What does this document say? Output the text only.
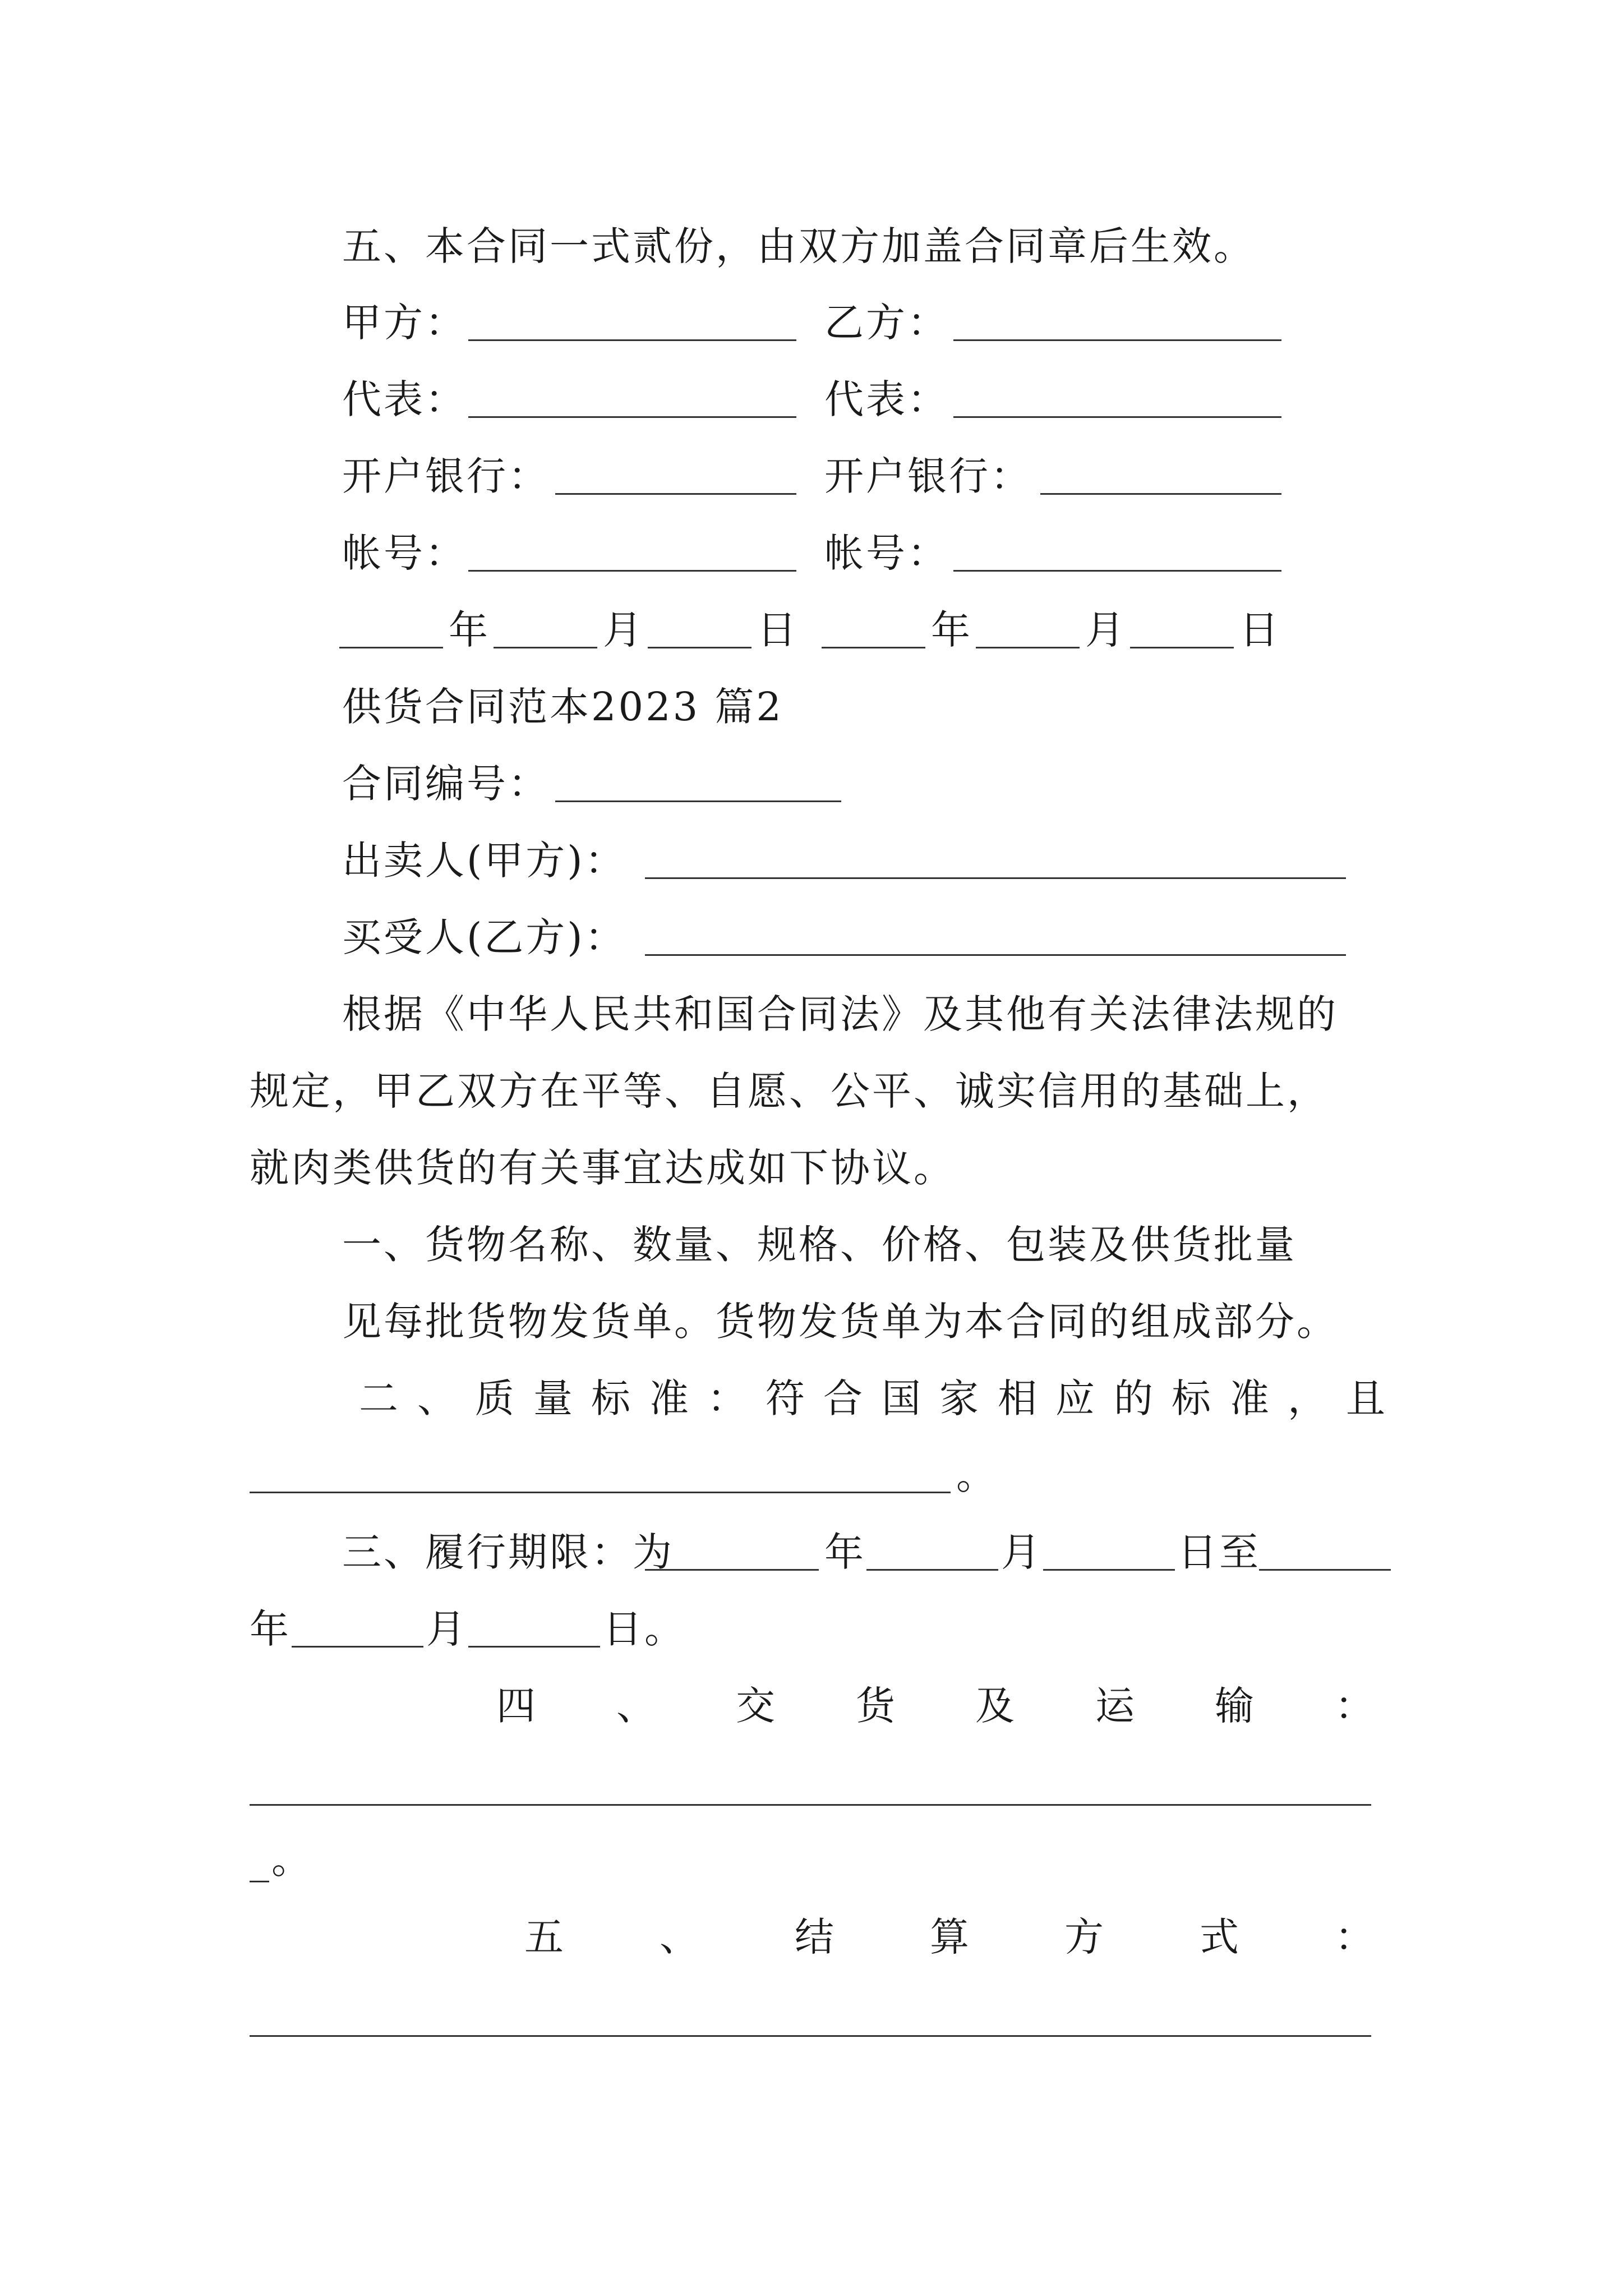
五、本合同一式贰份，由双方加盖合同章后生效。
甲方：	乙方：
代表：	代表：
开户银行：	开户银行：
帐号：	帐号：
年	月	日	年	月	日
供货合同范本2023 篇2
合同编号：
出卖人(甲方)：
买受人(乙方)：
根据《中华人民共和国合同法》及其他有关法律法规的
规定，甲乙双方在平等、自愿、公平、诚实信用的基础上，
就肉类供货的有关事宜达成如下协议。
一、货物名称、数量、规格、价格、包装及供货批量
见每批货物发货单。货物发货单为本合同的组成部分。
二 、 质 量 标 准 ： 符 合 国 家 相 应 的 标 准 ， 且
。
三、履行期限：为	年	月	日至
年	月	日。
四 、 交 货 及 运 输 ：
_。
五 、 结 算 方 式 ：
